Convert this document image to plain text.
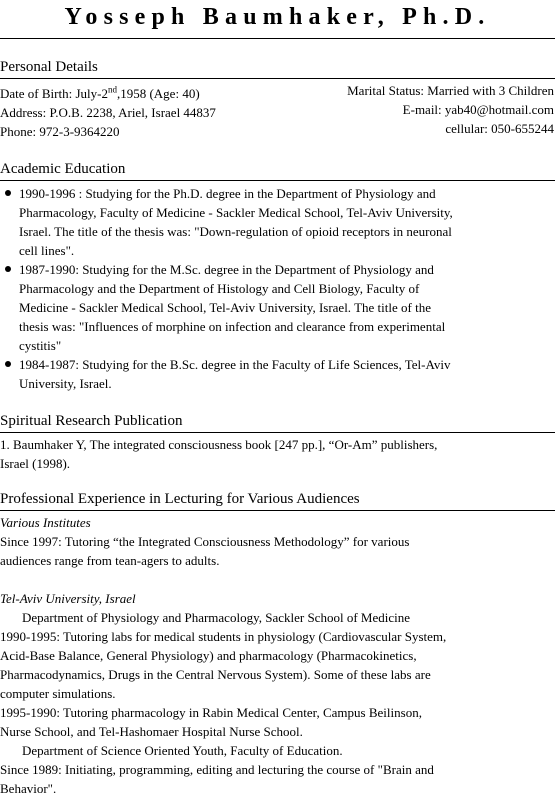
Yosseph Baumhaker, Ph.D.
Personal Details
Date of Birth: July-2nd,1958 (Age: 40)
Address: P.O.B. 2238, Ariel, Israel 44837
Phone: 972-3-9364220
Marital Status: Married with 3 Children
E-mail: yab40@hotmail.com
cellular: 050-655244
Academic Education
1990-1996 : Studying for the Ph.D. degree in the Department of Physiology and
Pharmacology, Faculty of Medicine - Sackler Medical School, Tel-Aviv University,
Israel. The title of the thesis was: "Down-regulation of opioid receptors in neuronal
cell lines".
1987-1990: Studying for the M.Sc. degree in the Department of Physiology and
Pharmacology and the Department of Histology and Cell Biology, Faculty of
Medicine - Sackler Medical School, Tel-Aviv University, Israel. The title of the
thesis was: "Influences of morphine on infection and clearance from experimental
cystitis"
1984-1987: Studying for the B.Sc. degree in the Faculty of Life Sciences, Tel-Aviv
University, Israel.
Spiritual Research Publication
1. Baumhaker Y, The integrated consciousness book [247 pp.], “Or-Am” publishers,
Israel (1998).
Professional Experience in Lecturing for Various Audiences
Various Institutes
Since 1997: Tutoring “the Integrated Consciousness Methodology” for various
audiences range from tean-agers to adults.
Tel-Aviv University, Israel
Department of Physiology and Pharmacology, Sackler School of Medicine
1990-1995: Tutoring labs for medical students in physiology (Cardiovascular System,
Acid-Base Balance, General Physiology) and pharmacology (Pharmacokinetics,
Pharmacodynamics, Drugs in the Central Nervous System). Some of these labs are
computer simulations.
1995-1990: Tutoring pharmacology in Rabin Medical Center, Campus Beilinson,
Nurse School, and Tel-Hashomaer Hospital Nurse School.
Department of Science Oriented Youth, Faculty of Education.
Since 1989: Initiating, programming, editing and lecturing the course of "Brain and
Behavior".
